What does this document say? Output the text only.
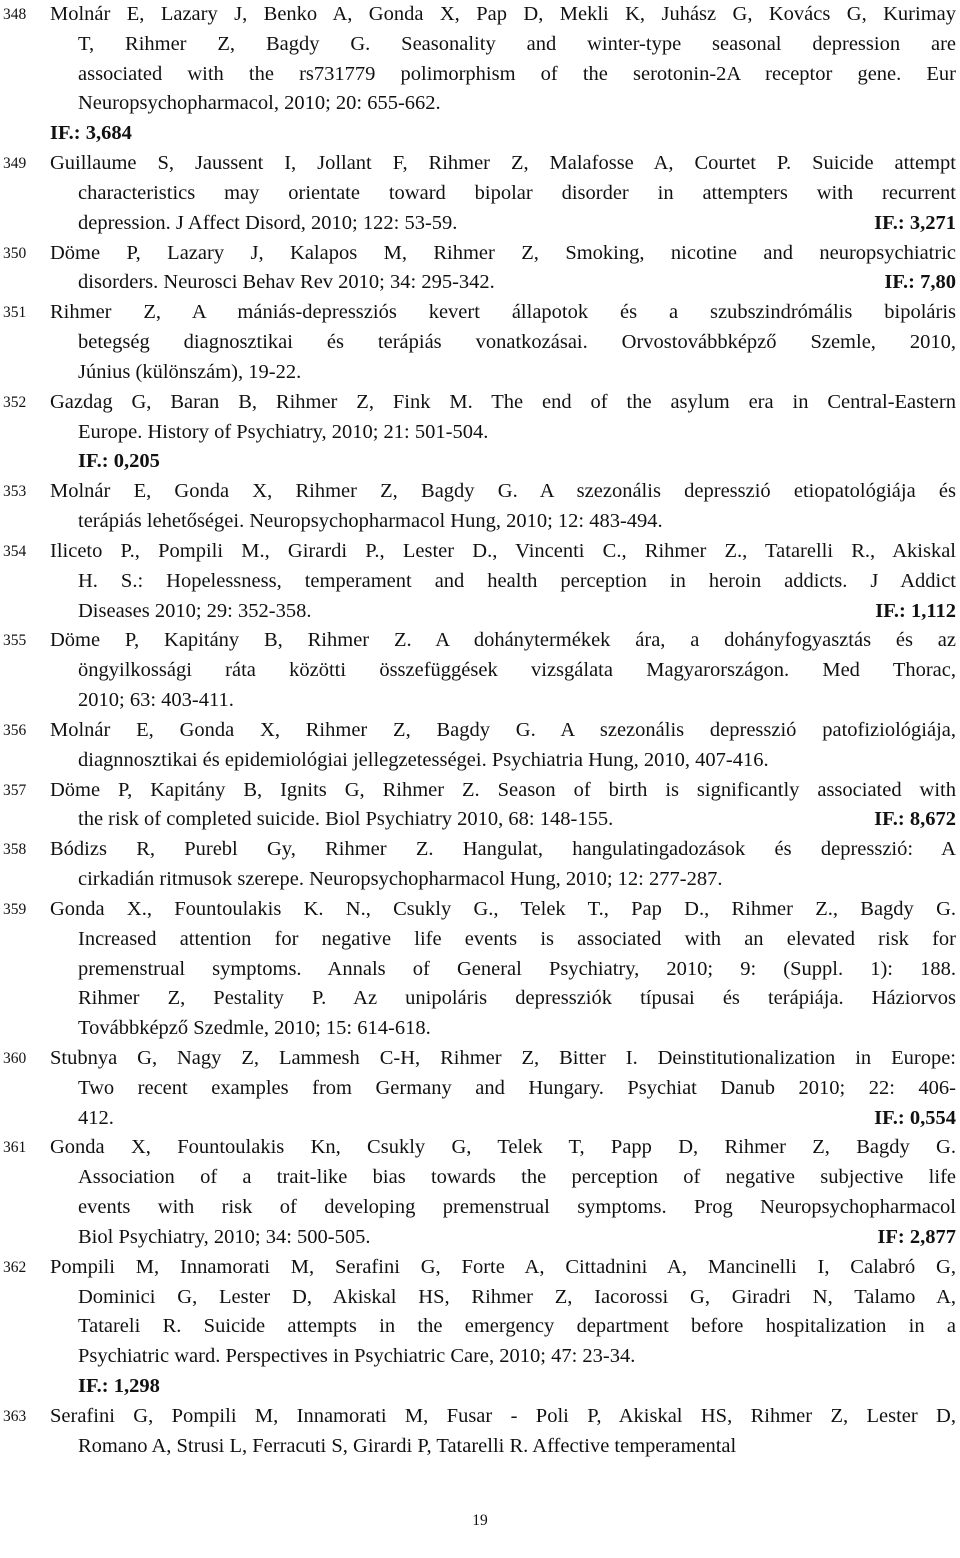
348	Molnár E, Lazary J, Benko A, Gonda X, Pap D, Mekli K, Juhász G, Kovács G, Kurimay
T, Rihmer Z, Bagdy G. Seasonality and winter-type seasonal depression are
associated with the rs731779 polimorphism of the serotonin-2A receptor gene. Eur
Neuropsychopharmacol, 2010; 20: 655-662.
IF.: 3,684
349	Guillaume S, Jaussent I, Jollant F, Rihmer Z, Malafosse A, Courtet P. Suicide attempt
characteristics may orientate toward bipolar disorder in attempters with recurrent
depression. J Affect Disord, 2010; 122: 53-59.	IF.: 3,271
350	Döme P, Lazary J, Kalapos M, Rihmer Z, Smoking, nicotine and neuropsychiatric
disorders. Neurosci Behav Rev 2010; 34: 295-342.	IF.: 7,80
351	Rihmer Z, A mániás-depressziós kevert állapotok és a szubszindrómális bipoláris
betegség diagnosztikai és terápiás vonatkozásai. Orvostovábbképző Szemle, 2010,
Június (különszám), 19-22.
352	Gazdag G, Baran B, Rihmer Z, Fink M. The end of the asylum era in Central-Eastern
Europe. History of Psychiatry, 2010; 21: 501-504.
IF.: 0,205
353	Molnár E, Gonda X, Rihmer Z, Bagdy G. A szezonális depresszió etiopatológiája és
terápiás lehetőségei. Neuropsychopharmacol Hung, 2010; 12: 483-494.
354	Iliceto P., Pompili M., Girardi P., Lester D., Vincenti C., Rihmer Z., Tatarelli R., Akiskal
H. S.: Hopelessness, temperament and health perception in heroin addicts. J Addict
Diseases 2010; 29: 352-358.	IF.: 1,112
355	Döme P, Kapitány B, Rihmer Z. A dohánytermékek ára, a dohányfogyasztás és az
öngyilkossági ráta közötti összefüggések vizsgálata Magyarországon. Med Thorac,
2010; 63: 403-411.
356	Molnár E, Gonda X, Rihmer Z, Bagdy G. A szezonális depresszió patofiziológiája,
diagnnosztikai és epidemiológiai jellegzetességei. Psychiatria Hung, 2010, 407-416.
357	Döme P, Kapitány B, Ignits G, Rihmer Z. Season of birth is significantly associated with
the risk of completed suicide. Biol Psychiatry 2010, 68: 148-155.	IF.: 8,672
358	Bódizs R, Purebl Gy, Rihmer Z. Hangulat, hangulatingadozások és depresszió: A
cirkadián ritmusok szerepe. Neuropsychopharmacol Hung, 2010; 12: 277-287.
359	Gonda X., Fountoulakis K. N., Csukly G., Telek T., Pap D., Rihmer Z., Bagdy G.
Increased attention for negative life events is associated with an elevated risk for
premenstrual symptoms. Annals of General Psychiatry, 2010; 9: (Suppl. 1): 188.
Rihmer Z, Pestality P. Az unipoláris depressziók típusai és terápiája. Háziorvos
Továbbképző Szedmle, 2010; 15: 614-618.
360	Stubnya G, Nagy Z, Lammesh C-H, Rihmer Z, Bitter I. Deinstitutionalization in Europe:
Two recent examples from Germany and Hungary. Psychiat Danub 2010; 22: 406-
412.	IF.: 0,554
361	Gonda X, Fountoulakis Kn, Csukly G, Telek T, Papp D, Rihmer Z, Bagdy G.
Association of a trait-like bias towards the perception of negative subjective life
events with risk of developing premenstrual symptoms. Prog Neuropsychopharmacol
Biol Psychiatry, 2010; 34: 500-505.	IF: 2,877
362	Pompili M, Innamorati M, Serafini G, Forte A, Cittadnini A, Mancinelli I, Calabró G,
Dominici G, Lester D, Akiskal HS, Rihmer Z, Iacorossi G, Giradri N, Talamo A,
Tatareli R. Suicide attempts in the emergency department before hospitalization in a
Psychiatric ward. Perspectives in Psychiatric Care, 2010; 47: 23-34.
IF.: 1,298
363	Serafini G, Pompili M, Innamorati M, Fusar - Poli P, Akiskal HS, Rihmer Z, Lester D,
Romano A, Strusi L, Ferracuti S, Girardi P, Tatarelli R. Affective temperamental
19
